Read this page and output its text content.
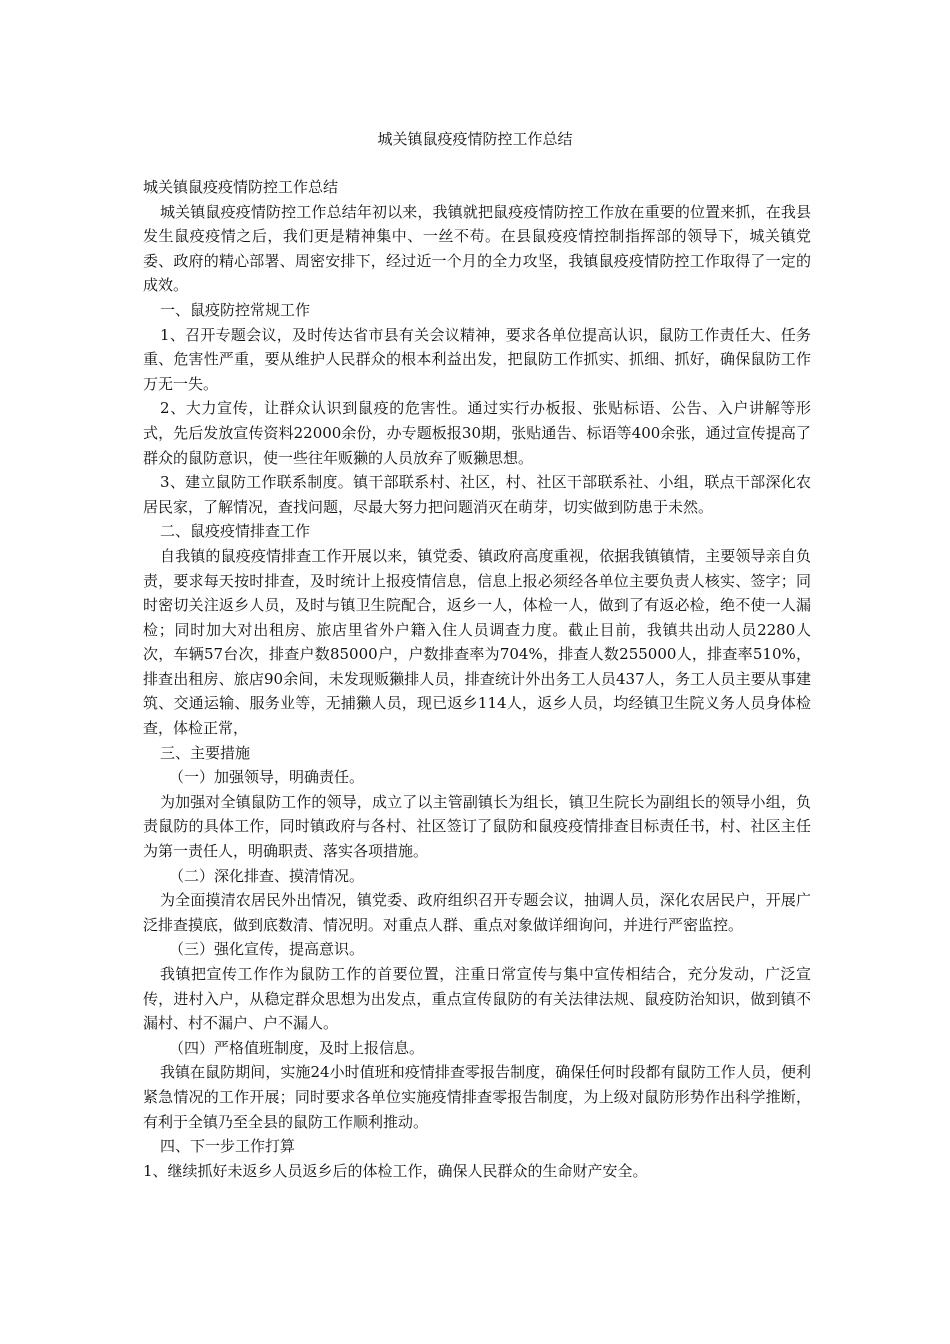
城关镇鼠疫疫情防控工作总结

城关镇鼠疫疫情防控工作总结

城关镇鼠疫疫情防控工作总结年初以来，我镇就把鼠疫疫情防控工作放在重要的位置来抓，在我县发生鼠疫疫情之后，我们更是精神集中、一丝不苟。在县鼠疫疫情控制指挥部的领导下，城关镇党委、政府的精心部署、周密安排下，经过近一个月的全力攻坚，我镇鼠疫疫情防控工作取得了一定的成效。

一、鼠疫防控常规工作

1、召开专题会议，及时传达省市县有关会议精神，要求各单位提高认识，鼠防工作责任大、任务重、危害性严重，要从维护人民群众的根本利益出发，把鼠防工作抓实、抓细、抓好，确保鼠防工作万无一失。

2、大力宣传，让群众认识到鼠疫的危害性。通过实行办板报、张贴标语、公告、入户讲解等形式，先后发放宣传资料22000余份，办专题板报30期，张贴通告、标语等400余张，通过宣传提高了群众的鼠防意识，使一些往年贩獭的人员放弃了贩獭思想。

3、建立鼠防工作联系制度。镇干部联系村、社区，村、社区干部联系社、小组，联点干部深化农居民家，了解情况，查找问题，尽最大努力把问题消灭在萌芽，切实做到防患于未然。

二、鼠疫疫情排查工作

自我镇的鼠疫疫情排查工作开展以来，镇党委、镇政府高度重视，依据我镇镇情，主要领导亲自负责，要求每天按时排查，及时统计上报疫情信息，信息上报必须经各单位主要负责人核实、签字；同时密切关注返乡人员，及时与镇卫生院配合，返乡一人，体检一人，做到了有返必检，绝不使一人漏检；同时加大对出租房、旅店里省外户籍入住人员调查力度。截止目前，我镇共出动人员2280人次，车辆57台次，排查户数85000户，户数排查率为704%，排查人数255000人，排查率510%，排查出租房、旅店90余间，未发现贩獭排人员，排查统计外出务工人员437人，务工人员主要从事建筑、交通运输、服务业等，无捕獭人员，现已返乡114人，返乡人员，均经镇卫生院义务人员身体检查，体检正常，

三、主要措施

（一）加强领导，明确责任。

为加强对全镇鼠防工作的领导，成立了以主管副镇长为组长，镇卫生院长为副组长的领导小组，负责鼠防的具体工作，同时镇政府与各村、社区签订了鼠防和鼠疫疫情排查目标责任书，村、社区主任为第一责任人，明确职责、落实各项措施。

（二）深化排查、摸清情况。

为全面摸清农居民外出情况，镇党委、政府组织召开专题会议，抽调人员，深化农居民户，开展广泛排查摸底，做到底数清、情况明。对重点人群、重点对象做详细询问，并进行严密监控。

（三）强化宣传，提高意识。

我镇把宣传工作作为鼠防工作的首要位置，注重日常宣传与集中宣传相结合，充分发动，广泛宣传，进村入户，从稳定群众思想为出发点，重点宣传鼠防的有关法律法规、鼠疫防治知识，做到镇不漏村、村不漏户、户不漏人。

（四）严格值班制度，及时上报信息。

我镇在鼠防期间，实施24小时值班和疫情排查零报告制度，确保任何时段都有鼠防工作人员，便利紧急情况的工作开展；同时要求各单位实施疫情排查零报告制度，为上级对鼠防形势作出科学推断，有利于全镇乃至全县的鼠防工作顺利推动。

四、下一步工作打算

1、继续抓好未返乡人员返乡后的体检工作，确保人民群众的生命财产安全。
